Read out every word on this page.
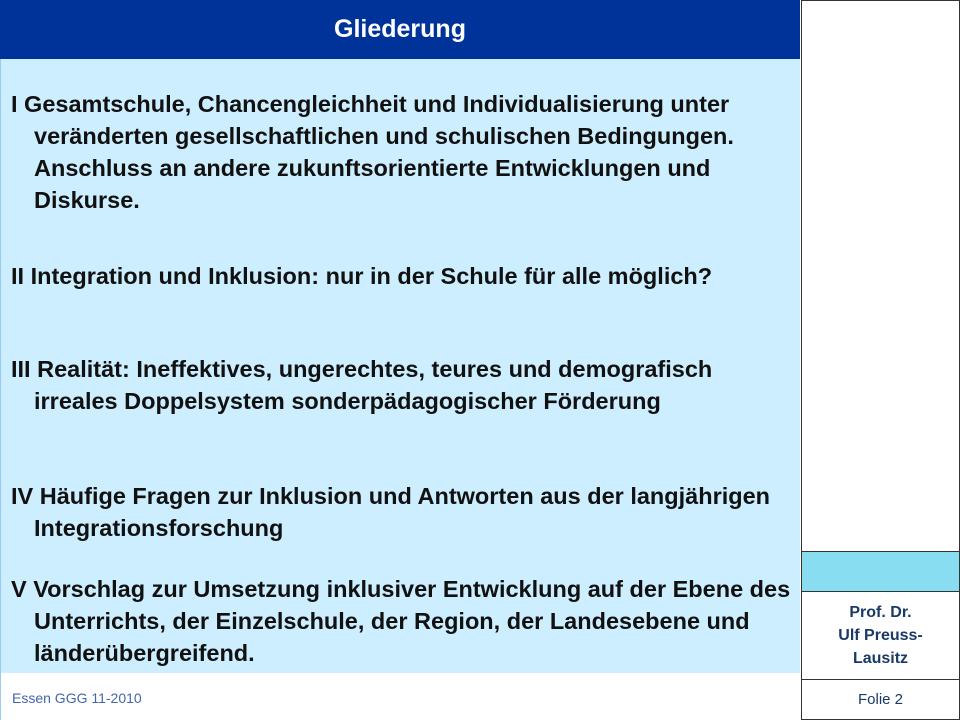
Gliederung
I Gesamtschule, Chancengleichheit und Individualisierung unter veränderten gesellschaftlichen und schulischen Bedingungen. Anschluss an andere zukunftsorientierte Entwicklungen und Diskurse.
II Integration und Inklusion: nur in der Schule für alle möglich?
III Realität: Ineffektives, ungerechtes, teures und demografisch irreales Doppelsystem sonderpädagogischer Förderung
IV Häufige Fragen zur Inklusion und Antworten aus der langjährigen Integrationsforschung
V Vorschlag zur Umsetzung inklusiver Entwicklung auf der Ebene des Unterrichts, der Einzelschule, der Region, der Landesebene und länderübergreifend.
Essen GGG 11-2010
Prof. Dr.
Ulf Preuss-
Lausitz
Folie 2
